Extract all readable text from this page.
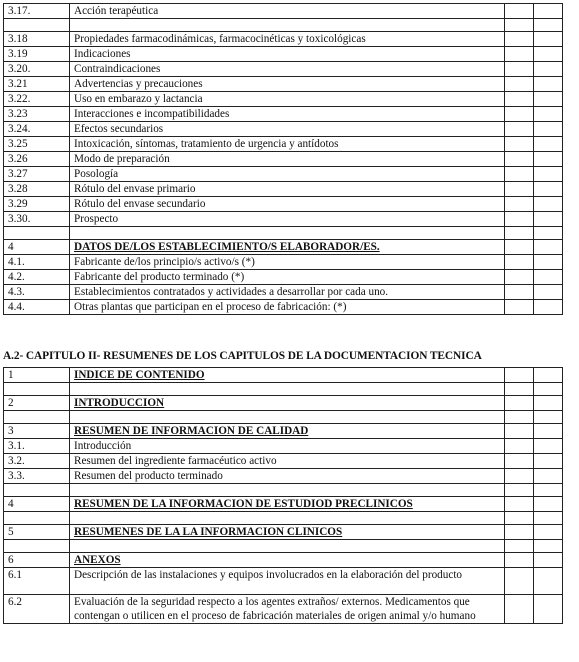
3.17.	Acción terapéutica		

3.18	Propiedades farmacodinámicas, farmacocinéticas y toxicológicas		
3.19	Indicaciones		
3.20.	Contraindicaciones		
3.21	Advertencias y precauciones		
3.22.	Uso en embarazo y lactancia		
3.23	Interacciones e incompatibilidades		
3.24.	Efectos secundarios		
3.25	Intoxicación, síntomas, tratamiento de urgencia y antídotos		
3.26	Modo de preparación		
3.27	Posología		
3.28	Rótulo del envase primario		
3.29	Rótulo del envase secundario		
3.30.	Prospecto		

4	DATOS DE/LOS ESTABLECIMIENTO/S ELABORADOR/ES.		
4.1.	Fabricante de/los principio/s activo/s (*)		
4.2.	Fabricante del producto terminado (*)		
4.3.	Establecimientos contratados y actividades a desarrollar por cada uno.		
4.4.	Otras plantas que participan en el proceso de fabricación: (*)		
A.2- CAPITULO II- RESUMENES DE LOS CAPITULOS DE LA DOCUMENTACION TECNICA
1	INDICE DE CONTENIDO		

2	INTRODUCCION		

3	RESUMEN DE INFORMACION DE CALIDAD		
3.1.	Introducción		
3.2.	Resumen del ingrediente farmacéutico activo		
3.3.	Resumen del producto terminado		

4	RESUMEN DE LA INFORMACION DE ESTUDIOD PRECLINICOS		

5	RESUMENES DE LA LA INFORMACION CLINICOS		

6	ANEXOS		
6.1	Descripción de las instalaciones y equipos involucrados en la elaboración del producto		
6.2	Evaluación de la seguridad respecto a los agentes extraños/ externos. Medicamentos que contengan o utilicen en el proceso de fabricación materiales de origen animal y/o humano		
